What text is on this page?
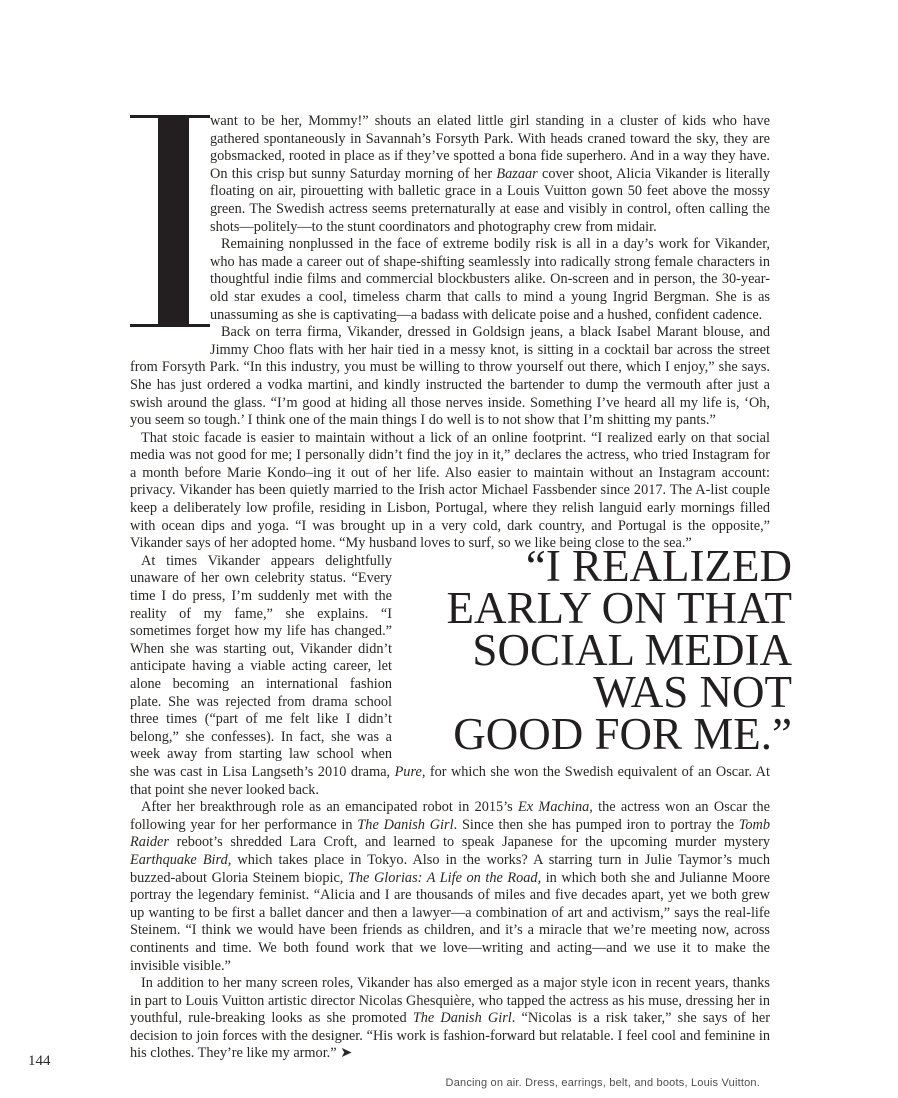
want to be her, Mommy!” shouts an elated little girl standing in a cluster of kids who have gathered spontaneously in Savannah’s Forsyth Park. With heads craned toward the sky, they are gobsmacked, rooted in place as if they’ve spotted a bona fide superhero. And in a way they have. On this crisp but sunny Saturday morning of her Bazaar cover shoot, Alicia Vikander is literally floating on air, pirouetting with balletic grace in a Louis Vuitton gown 50 feet above the mossy green. The Swedish actress seems preternaturally at ease and visibly in control, often calling the shots—politely—to the stunt coordinators and photography crew from midair.

Remaining nonplussed in the face of extreme bodily risk is all in a day’s work for Vikander, who has made a career out of shape-shifting seamlessly into radically strong female characters in thoughtful indie films and commercial blockbusters alike. On-screen and in person, the 30-year-old star exudes a cool, timeless charm that calls to mind a young Ingrid Bergman. She is as unassuming as she is captivating—a badass with delicate poise and a hushed, confident cadence.

Back on terra firma, Vikander, dressed in Goldsign jeans, a black Isabel Marant blouse, and Jimmy Choo flats with her hair tied in a messy knot, is sitting in a cocktail bar across the street from Forsyth Park. “In this industry, you must be willing to throw yourself out there, which I enjoy,” she says. She has just ordered a vodka martini, and kindly instructed the bartender to dump the vermouth after just a swish around the glass. “I’m good at hiding all those nerves inside. Something I’ve heard all my life is, ‘Oh, you seem so tough.’ I think one of the main things I do well is to not show that I’m shitting my pants.”

That stoic facade is easier to maintain without a lick of an online footprint. “I realized early on that social media was not good for me; I personally didn’t find the joy in it,” declares the actress, who tried Instagram for a month before Marie Kondo–ing it out of her life. Also easier to maintain without an Instagram account: privacy. Vikander has been quietly married to the Irish actor Michael Fassbender since 2017. The A-list couple keep a deliberately low profile, residing in Lisbon, Portugal, where they relish languid early mornings filled with ocean dips and yoga. “I was brought up in a very cold, dark country, and Portugal is the opposite,” Vikander says of her adopted home. “My husband loves to surf, so we like being close to the sea.”

“I REALIZED
EARLY ON THAT
SOCIAL MEDIA
WAS NOT
GOOD FOR ME.”

At times Vikander appears delightfully unaware of her own celebrity status. “Every time I do press, I’m suddenly met with the reality of my fame,” she explains. “I sometimes forget how my life has changed.” When she was starting out, Vikander didn’t anticipate having a viable acting career, let alone becoming an international fashion plate. She was rejected from drama school three times (“part of me felt like I didn’t belong,” she confesses). In fact, she was a week away from starting law school when she was cast in Lisa Langseth’s 2010 drama, Pure, for which she won the Swedish equivalent of an Oscar. At that point she never looked back.

After her breakthrough role as an emancipated robot in 2015’s Ex Machina, the actress won an Oscar the following year for her performance in The Danish Girl. Since then she has pumped iron to portray the Tomb Raider reboot’s shredded Lara Croft, and learned to speak Japanese for the upcoming murder mystery Earthquake Bird, which takes place in Tokyo. Also in the works? A starring turn in Julie Taymor’s much buzzed-about Gloria Steinem biopic, The Glorias: A Life on the Road, in which both she and Julianne Moore portray the legendary feminist. “Alicia and I are thousands of miles and five decades apart, yet we both grew up wanting to be first a ballet dancer and then a lawyer—a combination of art and activism,” says the real-life Steinem. “I think we would have been friends as children, and it’s a miracle that we’re meeting now, across continents and time. We both found work that we love—writing and acting—and we use it to make the invisible visible.”

In addition to her many screen roles, Vikander has also emerged as a major style icon in recent years, thanks in part to Louis Vuitton artistic director Nicolas Ghesquière, who tapped the actress as his muse, dressing her in youthful, rule-breaking looks as she promoted The Danish Girl. “Nicolas is a risk taker,” she says of her decision to join forces with the designer. “His work is fashion-forward but relatable. I feel cool and feminine in his clothes. They’re like my armor.” ➤

Dancing on air. Dress, earrings, belt, and boots, Louis Vuitton.
144
